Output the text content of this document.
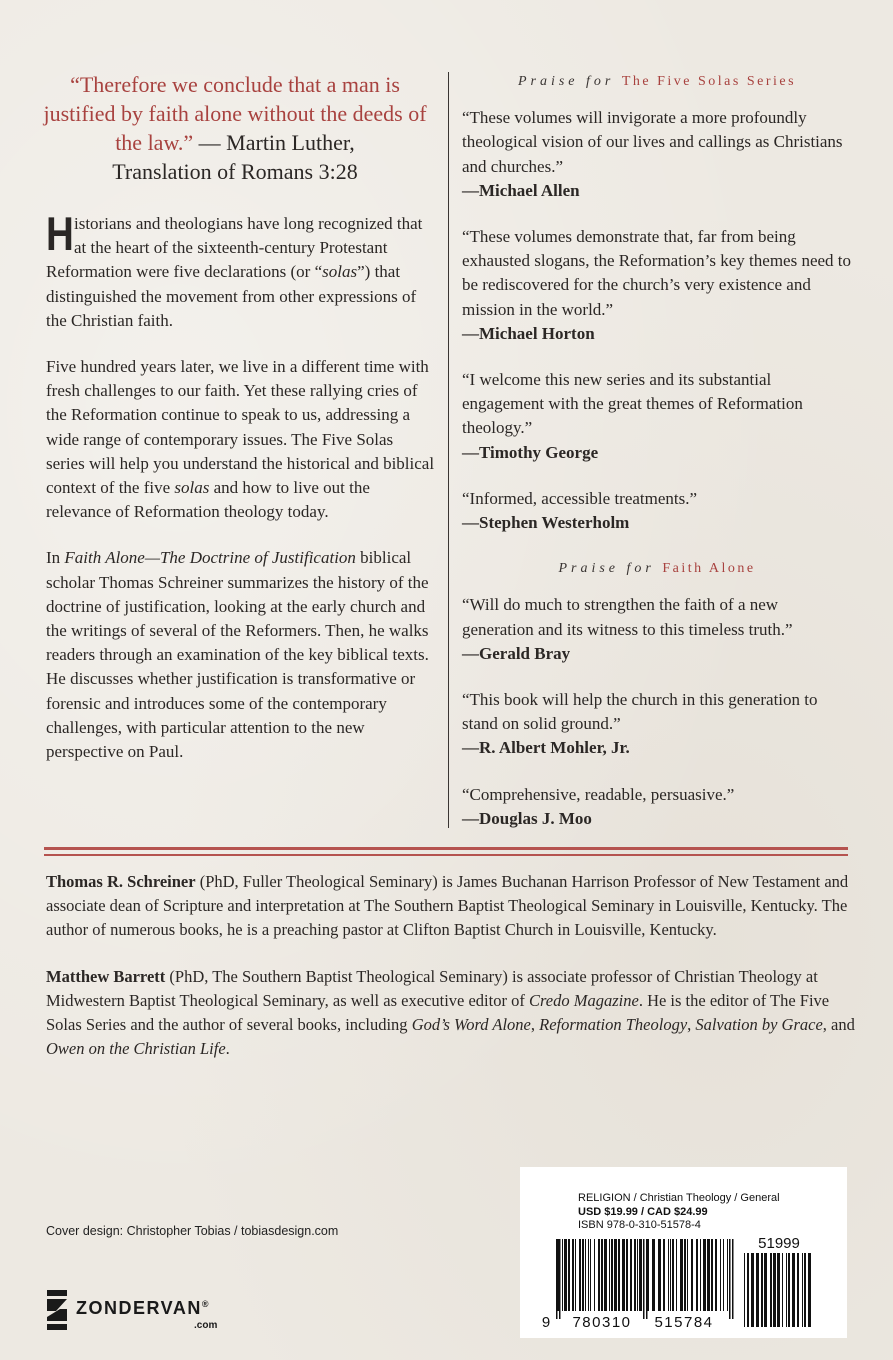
“Therefore we conclude that a man is justified by faith alone without the deeds of the law.” — Martin Luther,
Translation of Romans 3:28

Historians and theologians have long recognized that at the heart of the sixteenth-century Protestant Reformation were five declarations (or “solas”) that distinguished the movement from other expressions of the Christian faith.

Five hundred years later, we live in a different time with fresh challenges to our faith. Yet these rallying cries of the Reformation continue to speak to us, addressing a wide range of contemporary issues. The Five Solas series will help you understand the historical and biblical context of the five solas and how to live out the relevance of Reformation theology today.

In Faith Alone—The Doctrine of Justification biblical scholar Thomas Schreiner summarizes the history of the doctrine of justification, looking at the early church and the writings of several of the Reformers. Then, he walks readers through an examination of the key biblical texts. He discusses whether justification is transformative or forensic and introduces some of the contemporary challenges, with particular attention to the new perspective on Paul.

Praise for The Five Solas Series
“These volumes will invigorate a more profoundly theological vision of our lives and callings as Christians and churches.”
—Michael Allen
“These volumes demonstrate that, far from being exhausted slogans, the Reformation’s key themes need to be rediscovered for the church’s very existence and mission in the world.”
—Michael Horton
“I welcome this new series and its substantial engagement with the great themes of Reformation theology.”
—Timothy George
“Informed, accessible treatments.”
—Stephen Westerholm
Praise for Faith Alone
“Will do much to strengthen the faith of a new generation and its witness to this timeless truth.”
—Gerald Bray
“This book will help the church in this generation to stand on solid ground.”
—R. Albert Mohler, Jr.
“Comprehensive, readable, persuasive.”
—Douglas J. Moo

Thomas R. Schreiner (PhD, Fuller Theological Seminary) is James Buchanan Harrison Professor of New Testament and associate dean of Scripture and interpretation at The Southern Baptist Theological Seminary in Louisville, Kentucky. The author of numerous books, he is a preaching pastor at Clifton Baptist Church in Louisville, Kentucky.

Matthew Barrett (PhD, The Southern Baptist Theological Seminary) is associate professor of Christian Theology at Midwestern Baptist Theological Seminary, as well as executive editor of Credo Magazine. He is the editor of The Five Solas Series and the author of several books, including God’s Word Alone, Reformation Theology, Salvation by Grace, and Owen on the Christian Life.

Cover design: Christopher Tobias / tobiasdesign.com
RELIGION / Christian Theology / General
USD $19.99 / CAD $24.99
ISBN 978-0-310-51578-4
51999
9 780310 515784
ZONDERVAN®
.com
